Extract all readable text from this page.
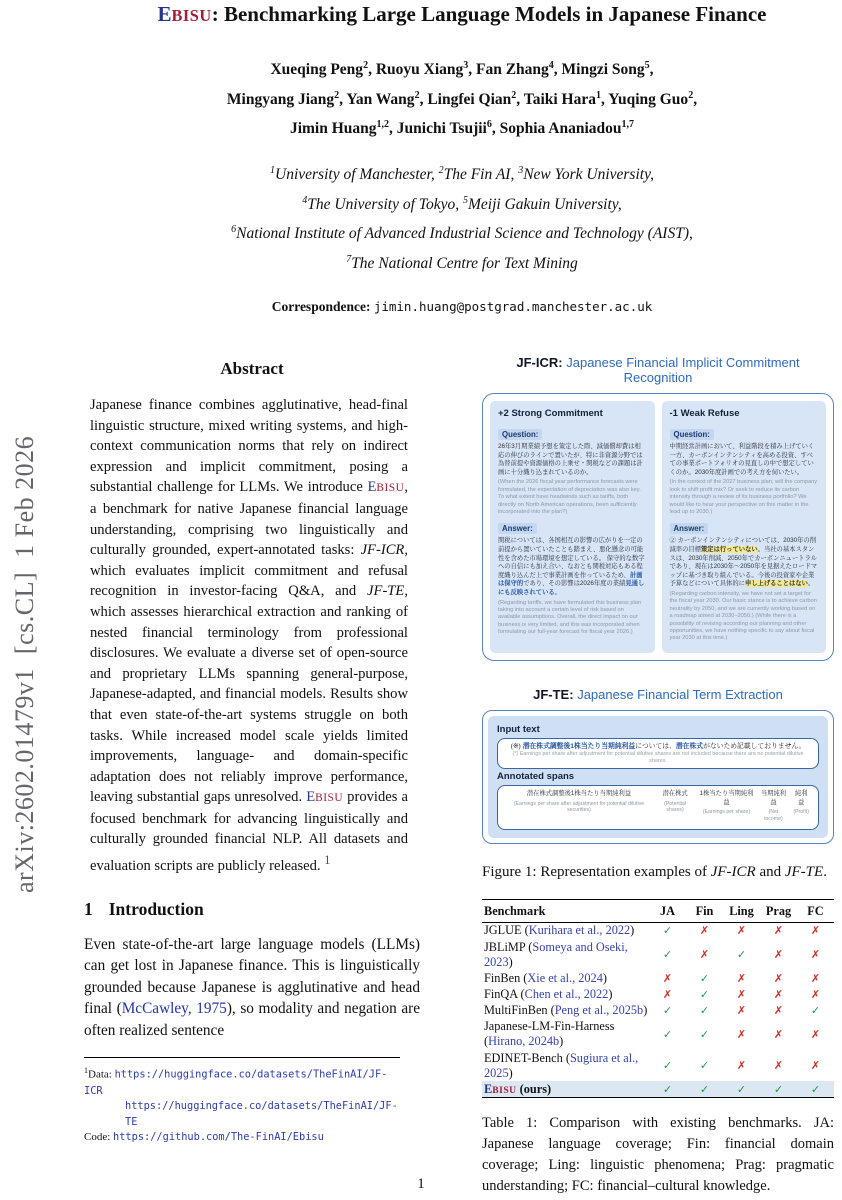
arXiv:2602.01479v1  [cs.CL]  1 Feb 2026
EBISU: Benchmarking Large Language Models in Japanese Finance
Xueqing Peng$^2$, Ruoyu Xiang$^3$, Fan Zhang$^4$, Mingzi Song$^5$,
Mingyang Jiang$^2$, Yan Wang$^2$, Lingfei Qian$^2$, Taiki Hara$^1$, Yuqing Guo$^2$,
Jimin Huang$^{1,2}$, Junichi Tsujii$^6$, Sophia Ananiadou$^{1,7}$
$^1$University of Manchester, $^2$The Fin AI, $^3$New York University,
$^4$The University of Tokyo, $^5$Meiji Gakuin University,
$^6$National Institute of Advanced Industrial Science and Technology (AIST),
$^7$The National Centre for Text Mining
Correspondence: jimin.huang@postgrad.manchester.ac.uk
Abstract
Japanese finance combines agglutinative, head-final linguistic structure, mixed writing systems, and high-context communication norms that rely on indirect expression and implicit commitment, posing a substantial challenge for LLMs. We introduce EBISU, a benchmark for native Japanese financial language understanding, comprising two linguistically and culturally grounded, expert-annotated tasks: JF-ICR, which evaluates implicit commitment and refusal recognition in investor-facing Q&A, and JF-TE, which assesses hierarchical extraction and ranking of nested financial terminology from professional disclosures. We evaluate a diverse set of open-source and proprietary LLMs spanning general-purpose, Japanese-adapted, and financial models. Results show that even state-of-the-art systems struggle on both tasks. While increased model scale yields limited improvements, language- and domain-specific adaptation does not reliably improve performance, leaving substantial gaps unresolved. EBISU provides a focused benchmark for advancing linguistically and culturally grounded financial NLP. All datasets and evaluation scripts are publicly released. $^1$
1 Introduction
Even state-of-the-art large language models (LLMs) can get lost in Japanese finance. This is linguistically grounded because Japanese is agglutinative and head final (McCawley, 1975), so modality and negation are often realized sentence
$^1$Data: https://huggingface.co/datasets/TheFinAI/JF-ICR
https://huggingface.co/datasets/TheFinAI/JF-TE
Code: https://github.com/The-FinAI/Ebisu
JF-ICR: Japanese Financial Implicit Commitment Recognition
+2 Strong Commitment
Question:
26年3月期業績予想を策定した際、減価償却費は相応の伸びのラインで置いたが、特に非資源分野では為替前提や資源価格の上乗せ・関税などの課題は計画に十分織り込まれているのか。
(When the 2026 fiscal year performance forecasts were formulated, the expectation of depreciation was also key. To what extent have headwinds such as tariffs, both directly on North American operations, been sufficiently incorporated into the plan?)
Answer:
関税については、各国相互の影響の広がりを一定の前提から置いていたことも踏まえ、悪化懸念の可能性を含めた市場環境を想定している。 保守的な数字への自信にも加え合い、なおとも関税対応もある程度織り込んだ上で事業計画を作っているため、計画は保守的であり、その影響は2026年度の業績見通しにも反映されている。
(Regarding tariffs, we have formulated this business plan taking into account a certain level of risk based on available assumptions. Overall, the direct impact on our business is very limited, and this was incorporated when formulating our full-year forecast for fiscal year 2026.)
-1 Weak Refuse
Question:
中期経営計画において、利益階段を積み上げていく一方、カーボンインテンシティを高める投資、すべての事業ポートフォリオの見直しの中で想定していくのか。2030年度計画での考え方を伺いたい。
(In the context of the 2027 business plan, will the company look to shift profit mix? Or seek to reduce its carbon intensity through a review of its business portfolio? We would like to hear your perspective on this matter in the lead up to 2030.)
Answer:
② カーボンインテンシティについては、2030年の削減率の目標策定は行っていない。当社の基本スタンスは、2030年削減、2050年でカーボンニュートラルであり、現在は2030年〜2050年を見据えたロードマップに基づき取り組んでいる。今後の投資家や企業予算などについて具体的に申し上げることはない。
(Regarding carbon intensity, we have not set a target for the fiscal year 2030. Our basic stance is to achieve carbon neutrality by 2050, and we are currently working based on a roadmap aimed at 2030–2050.) (While there is a possibility of revising according our planning and other opportunities, we have nothing specific to say about fiscal year 2030 at this time.)
JF-TE: Japanese Financial Term Extraction
Input text
(※) 潜在株式調整後1株当たり当期純利益については、潜在株式がないため記載しておりません。
(*) Earnings per share after adjustment for potential dilutive shares are not included because there are no potential dilutive shares.
Annotated spans
潜在株式調整後1株当たり当期純利益
(Earnings per share after adjustment for potential dilutive securities)
潜在株式
(Potential shares)
1株当たり当期純利益
(Earnings per share)
当期純利益
(Net income)
純利益
(Profit)
Figure 1: Representation examples of JF-ICR and JF-TE.
Benchmark	JA	Fin	Ling	Prag	FC
JGLUE (Kurihara et al., 2022)	✓	✗	✗	✗	✗
JBLiMP (Someya and Oseki, 2023)	✓	✗	✓	✗	✗
FinBen (Xie et al., 2024)	✗	✓	✗	✗	✗
FinQA (Chen et al., 2022)	✗	✓	✗	✗	✗
MultiFinBen (Peng et al., 2025b)	✓	✓	✗	✗	✓
Japanese-LM-Fin-Harness (Hirano, 2024b)	✓	✓	✗	✗	✗
EDINET-Bench (Sugiura et al., 2025)	✓	✓	✗	✗	✗
EBISU (ours)	✓	✓	✓	✓	✓
Table 1: Comparison with existing benchmarks. JA: Japanese language coverage; Fin: financial domain coverage; Ling: linguistic phenomena; Prag: pragmatic understanding; FC: financial–cultural knowledge.
1
